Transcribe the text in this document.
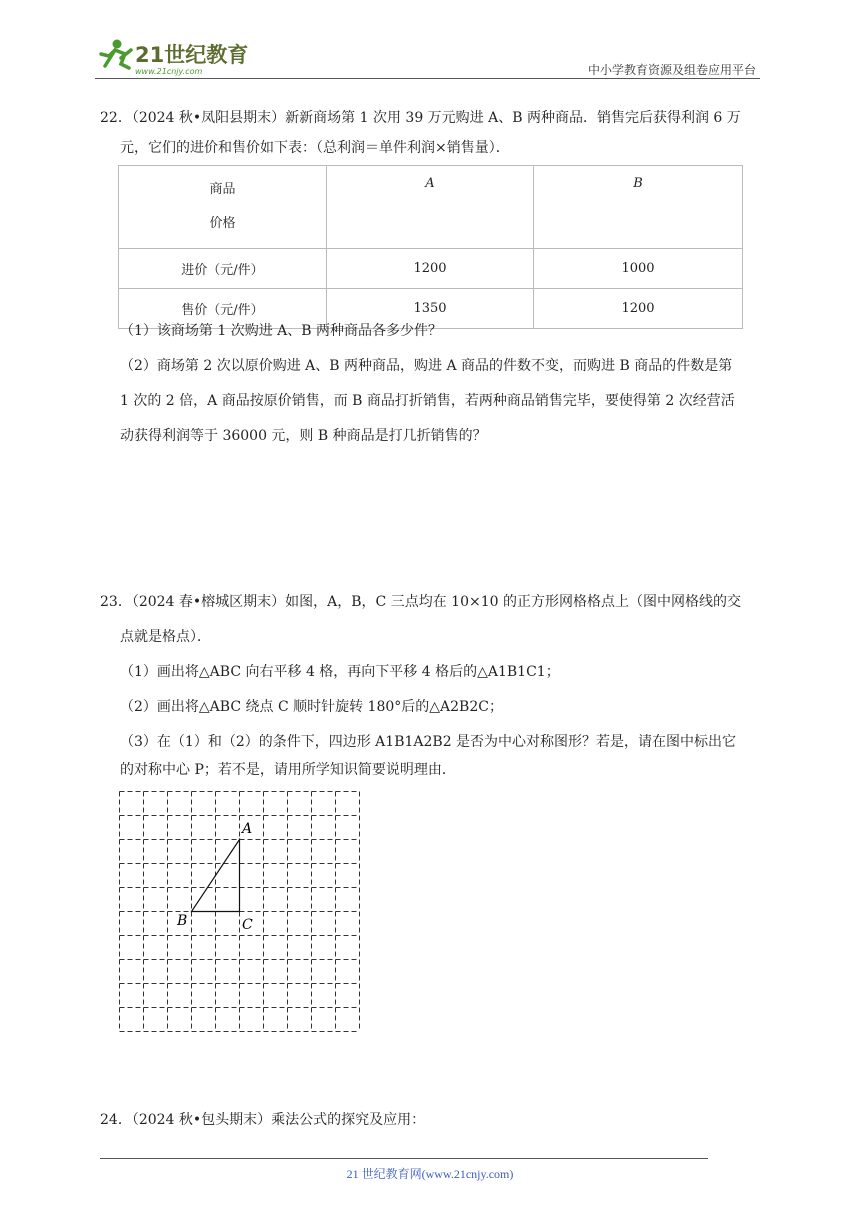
21世纪教育
www.21cnjy.com	中小学教育资源及组卷应用平台
22．（2024 秋•凤阳县期末）新新商场第 1 次用 39 万元购进 A、B 两种商品．销售完后获得利润 6 万
元，它们的进价和售价如下表：（总利润＝单件利润×销售量）．
商品
价格	A	B
进价（元/件）	1200	1000
售价（元/件）	1350	1200
（1）该商场第 1 次购进 A、B 两种商品各多少件？
（2）商场第 2 次以原价购进 A、B 两种商品，购进 A 商品的件数不变，而购进 B 商品的件数是第
1 次的 2 倍，A 商品按原价销售，而 B 商品打折销售，若两种商品销售完毕，要使得第 2 次经营活
动获得利润等于 36000 元，则 B 种商品是打几折销售的？
23．（2024 春•榕城区期末）如图，A，B，C 三点均在 10×10 的正方形网格格点上（图中网格线的交
点就是格点）．
（1）画出将△ABC 向右平移 4 格，再向下平移 4 格后的△A1B1C1；
（2）画出将△ABC 绕点 C 顺时针旋转 180°后的△A2B2C；
（3）在（1）和（2）的条件下，四边形 A1B1A2B2 是否为中心对称图形？若是，请在图中标出它
的对称中心 P；若不是，请用所学知识简要说明理由．
A
B	C
24．（2024 秋•包头期末）乘法公式的探究及应用：
21 世纪教育网(www.21cnjy.com)
